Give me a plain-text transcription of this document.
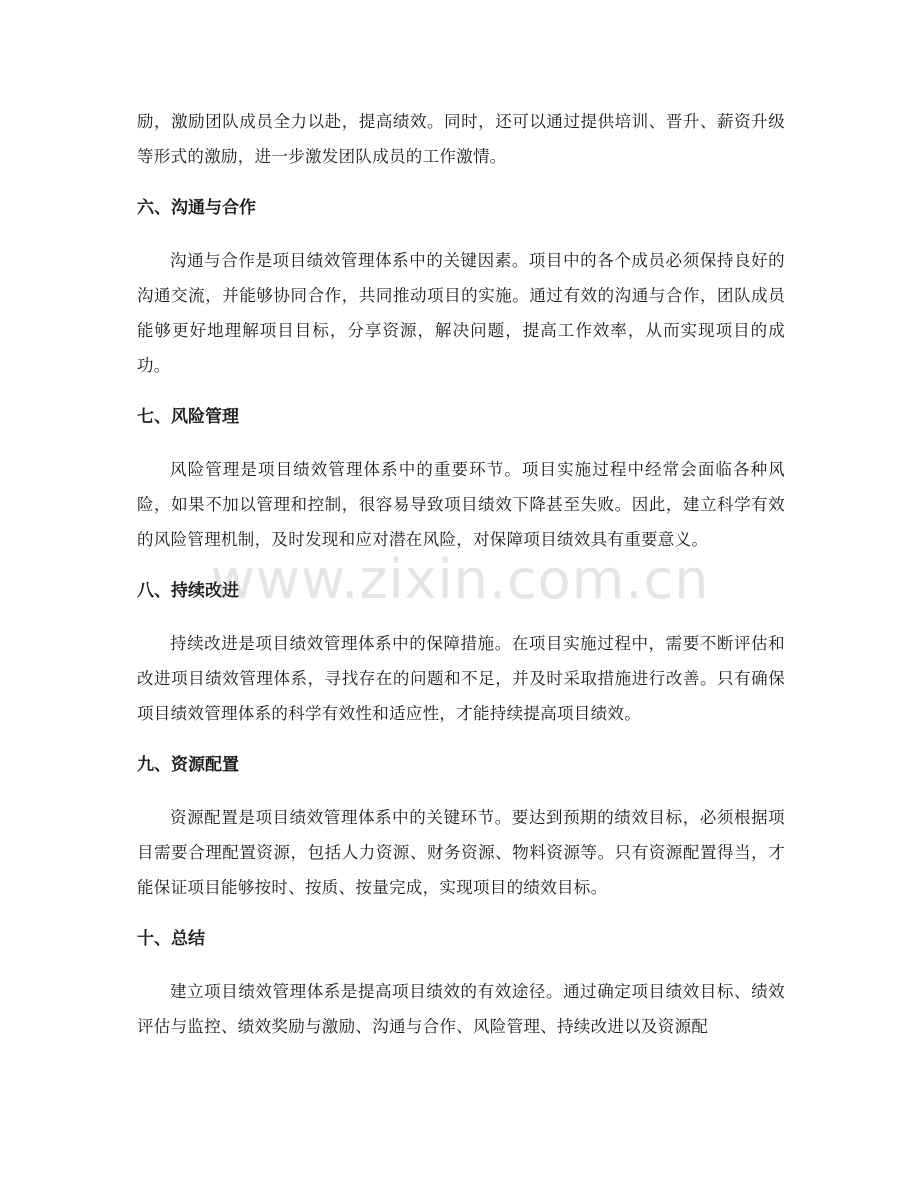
励，激励团队成员全力以赴，提高绩效。同时，还可以通过提供培训、晋升、薪资升级等形式的激励，进一步激发团队成员的工作激情。

六、沟通与合作

沟通与合作是项目绩效管理体系中的关键因素。项目中的各个成员必须保持良好的沟通交流，并能够协同合作，共同推动项目的实施。通过有效的沟通与合作，团队成员能够更好地理解项目目标，分享资源，解决问题，提高工作效率，从而实现项目的成功。

七、风险管理

风险管理是项目绩效管理体系中的重要环节。项目实施过程中经常会面临各种风险，如果不加以管理和控制，很容易导致项目绩效下降甚至失败。因此，建立科学有效的风险管理机制，及时发现和应对潜在风险，对保障项目绩效具有重要意义。

八、持续改进

持续改进是项目绩效管理体系中的保障措施。在项目实施过程中，需要不断评估和改进项目绩效管理体系，寻找存在的问题和不足，并及时采取措施进行改善。只有确保项目绩效管理体系的科学有效性和适应性，才能持续提高项目绩效。

九、资源配置

资源配置是项目绩效管理体系中的关键环节。要达到预期的绩效目标，必须根据项目需要合理配置资源，包括人力资源、财务资源、物料资源等。只有资源配置得当，才能保证项目能够按时、按质、按量完成，实现项目的绩效目标。

十、总结

建立项目绩效管理体系是提高项目绩效的有效途径。通过确定项目绩效目标、绩效评估与监控、绩效奖励与激励、沟通与合作、风险管理、持续改进以及资源配

www.zixin.com.cn
